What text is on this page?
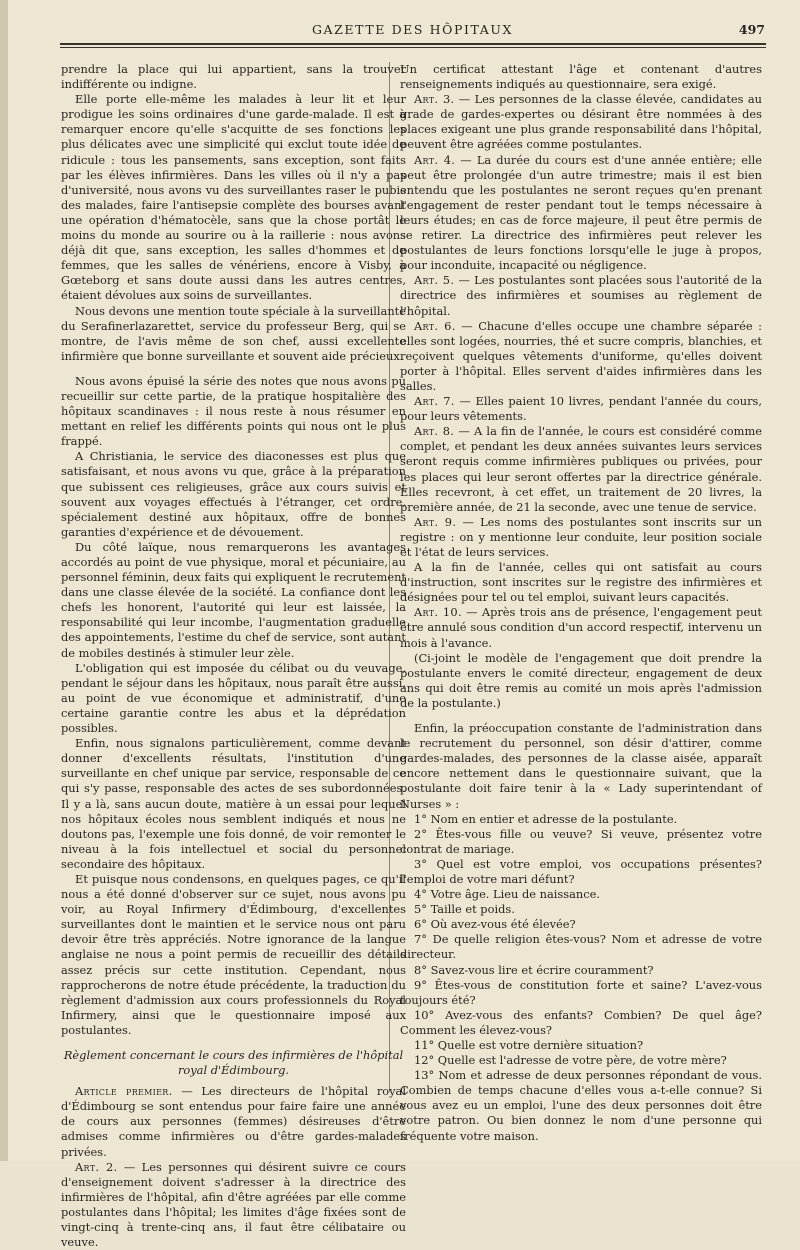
GAZETTE DES HÔPITAUX	497

prendre la place qui lui appartient, sans la trouver indifférente ou indigne.

Elle porte elle-même les malades à leur lit et leur prodigue les soins ordinaires d'une garde-malade. Il est à remarquer encore qu'elle s'acquitte de ses fonctions les plus délicates avec une simplicité qui exclut toute idée de ridicule : tous les pansements, sans exception, sont faits par les élèves infirmières. Dans les villes où il n'y a pas d'université, nous avons vu des surveillantes raser le pubis des malades, faire l'antisepsie complète des bourses avant une opération d'hématocèle, sans que la chose portât le moins du monde au sourire ou à la raillerie : nous avons déjà dit que, sans exception, les salles d'hommes et de femmes, que les salles de vénériens, encore à Visby, à Gœteborg et sans doute aussi dans les autres centres, étaient dévolues aux soins de surveillantes.

Nous devons une mention toute spéciale à la surveillante du Serafinerlazarettet, service du professeur Berg, qui se montre, de l'avis même de son chef, aussi excellente infirmière que bonne surveillante et souvent aide précieux.

Nous avons épuisé la série des notes que nous avons pu recueillir sur cette partie, de la pratique hospitalière des hôpitaux scandinaves : il nous reste à nous résumer en mettant en relief les différents points qui nous ont le plus frappé.

A Christiania, le service des diaconesses est plus que satisfaisant, et nous avons vu que, grâce à la préparation que subissent ces religieuses, grâce aux cours suivis et souvent aux voyages effectués à l'étranger, cet ordre, spécialement destiné aux hôpitaux, offre de bonnes garanties d'expérience et de dévouement.

Du côté laïque, nous remarquerons les avantages accordés au point de vue physique, moral et pécuniaire, au personnel féminin, deux faits qui expliquent le recrutement dans une classe élevée de la société. La confiance dont les chefs les honorent, l'autorité qui leur est laissée, la responsabilité qui leur incombe, l'augmentation graduelle des appointements, l'estime du chef de service, sont autant de mobiles destinés à stimuler leur zèle.

L'obligation qui est imposée du célibat ou du veuvage, pendant le séjour dans les hôpitaux, nous paraît être aussi, au point de vue économique et administratif, d'une certaine garantie contre les abus et la déprédation possibles.

Enfin, nous signalons particulièrement, comme devant donner d'excellents résultats, l'institution d'une surveillante en chef unique par service, responsable de ce qui s'y passe, responsable des actes de ses subordonnées. Il y a là, sans aucun doute, matière à un essai pour lequel nos hôpitaux écoles nous semblent indiqués et nous ne doutons pas, l'exemple une fois donné, de voir remonter le niveau à la fois intellectuel et social du personnel secondaire des hôpitaux.

Et puisque nous condensons, en quelques pages, ce qu'il nous a été donné d'observer sur ce sujet, nous avons pu voir, au Royal Infirmery d'Édimbourg, d'excellentes surveillantes dont le maintien et le service nous ont paru devoir être très appréciés. Notre ignorance de la langue anglaise ne nous a point permis de recueillir des détails assez précis sur cette institution. Cependant, nous rapprocherons de notre étude précédente, la traduction du règlement d'admission aux cours professionnels du Royal Infirmery, ainsi que le questionnaire imposé aux postulantes.

Règlement concernant le cours des infirmières de l'hôpital royal d'Édimbourg.

Article premier. — Les directeurs de l'hôpital royal d'Édimbourg se sont entendus pour faire faire une année de cours aux personnes (femmes) désireuses d'être admises comme infirmières ou d'être gardes-malades privées.

Art. 2. — Les personnes qui désirent suivre ce cours d'enseignement doivent s'adresser à la directrice des infirmières de l'hôpital, afin d'être agréées par elle comme postulantes dans l'hôpital; les limites d'âge fixées sont de vingt-cinq à trente-cinq ans, il faut être célibataire ou veuve.

Un certificat attestant l'âge et contenant d'autres renseignements indiqués au questionnaire, sera exigé.

Art. 3. — Les personnes de la classe élevée, candidates au grade de gardes-expertes ou désirant être nommées à des places exigeant une plus grande responsabilité dans l'hôpital, peuvent être agréées comme postulantes.

Art. 4. — La durée du cours est d'une année entière; elle peut être prolongée d'un autre trimestre; mais il est bien entendu que les postulantes ne seront reçues qu'en prenant l'engagement de rester pendant tout le temps nécessaire à leurs études; en cas de force majeure, il peut être permis de se retirer. La directrice des infirmières peut relever les postulantes de leurs fonctions lorsqu'elle le juge à propos, pour inconduite, incapacité ou négligence.

Art. 5. — Les postulantes sont placées sous l'autorité de la directrice des infirmières et soumises au règlement de l'hôpital.

Art. 6. — Chacune d'elles occupe une chambre séparée : elles sont logées, nourries, thé et sucre compris, blanchies, et reçoivent quelques vêtements d'uniforme, qu'elles doivent porter à l'hôpital. Elles servent d'aides infirmières dans les salles.

Art. 7. — Elles paient 10 livres, pendant l'année du cours, pour leurs vêtements.

Art. 8. — A la fin de l'année, le cours est considéré comme complet, et pendant les deux années suivantes leurs services seront requis comme infirmières publiques ou privées, pour les places qui leur seront offertes par la directrice générale. Elles recevront, à cet effet, un traitement de 20 livres, la première année, de 21 la seconde, avec une tenue de service.

Art. 9. — Les noms des postulantes sont inscrits sur un registre : on y mentionne leur conduite, leur position sociale et l'état de leurs services.

A la fin de l'année, celles qui ont satisfait au cours d'instruction, sont inscrites sur le registre des infirmières et désignées pour tel ou tel emploi, suivant leurs capacités.

Art. 10. — Après trois ans de présence, l'engagement peut être annulé sous condition d'un accord respectif, intervenu un mois à l'avance.

(Ci-joint le modèle de l'engagement que doit prendre la postulante envers le comité directeur, engagement de deux ans qui doit être remis au comité un mois après l'admission de la postulante.)

Enfin, la préoccupation constante de l'administration dans le recrutement du personnel, son désir d'attirer, comme gardes-malades, des personnes de la classe aisée, apparaît encore nettement dans le questionnaire suivant, que la postulante doit faire tenir à la « Lady superintendant of Nurses » :

1° Nom en entier et adresse de la postulante.

2° Êtes-vous fille ou veuve? Si veuve, présentez votre contrat de mariage.

3° Quel est votre emploi, vos occupations présentes? l'emploi de votre mari défunt?

4° Votre âge. Lieu de naissance.

5° Taille et poids.

6° Où avez-vous été élevée?

7° De quelle religion êtes-vous? Nom et adresse de votre directeur.

8° Savez-vous lire et écrire couramment?

9° Êtes-vous de constitution forte et saine? L'avez-vous toujours été?

10° Avez-vous des enfants? Combien? De quel âge? Comment les élevez-vous?

11° Quelle est votre dernière situation?

12° Quelle est l'adresse de votre père, de votre mère?

13° Nom et adresse de deux personnes répondant de vous. Combien de temps chacune d'elles vous a-t-elle connue? Si vous avez eu un emploi, l'une des deux personnes doit être votre patron. Ou bien donnez le nom d'une personne qui fréquente votre maison.
